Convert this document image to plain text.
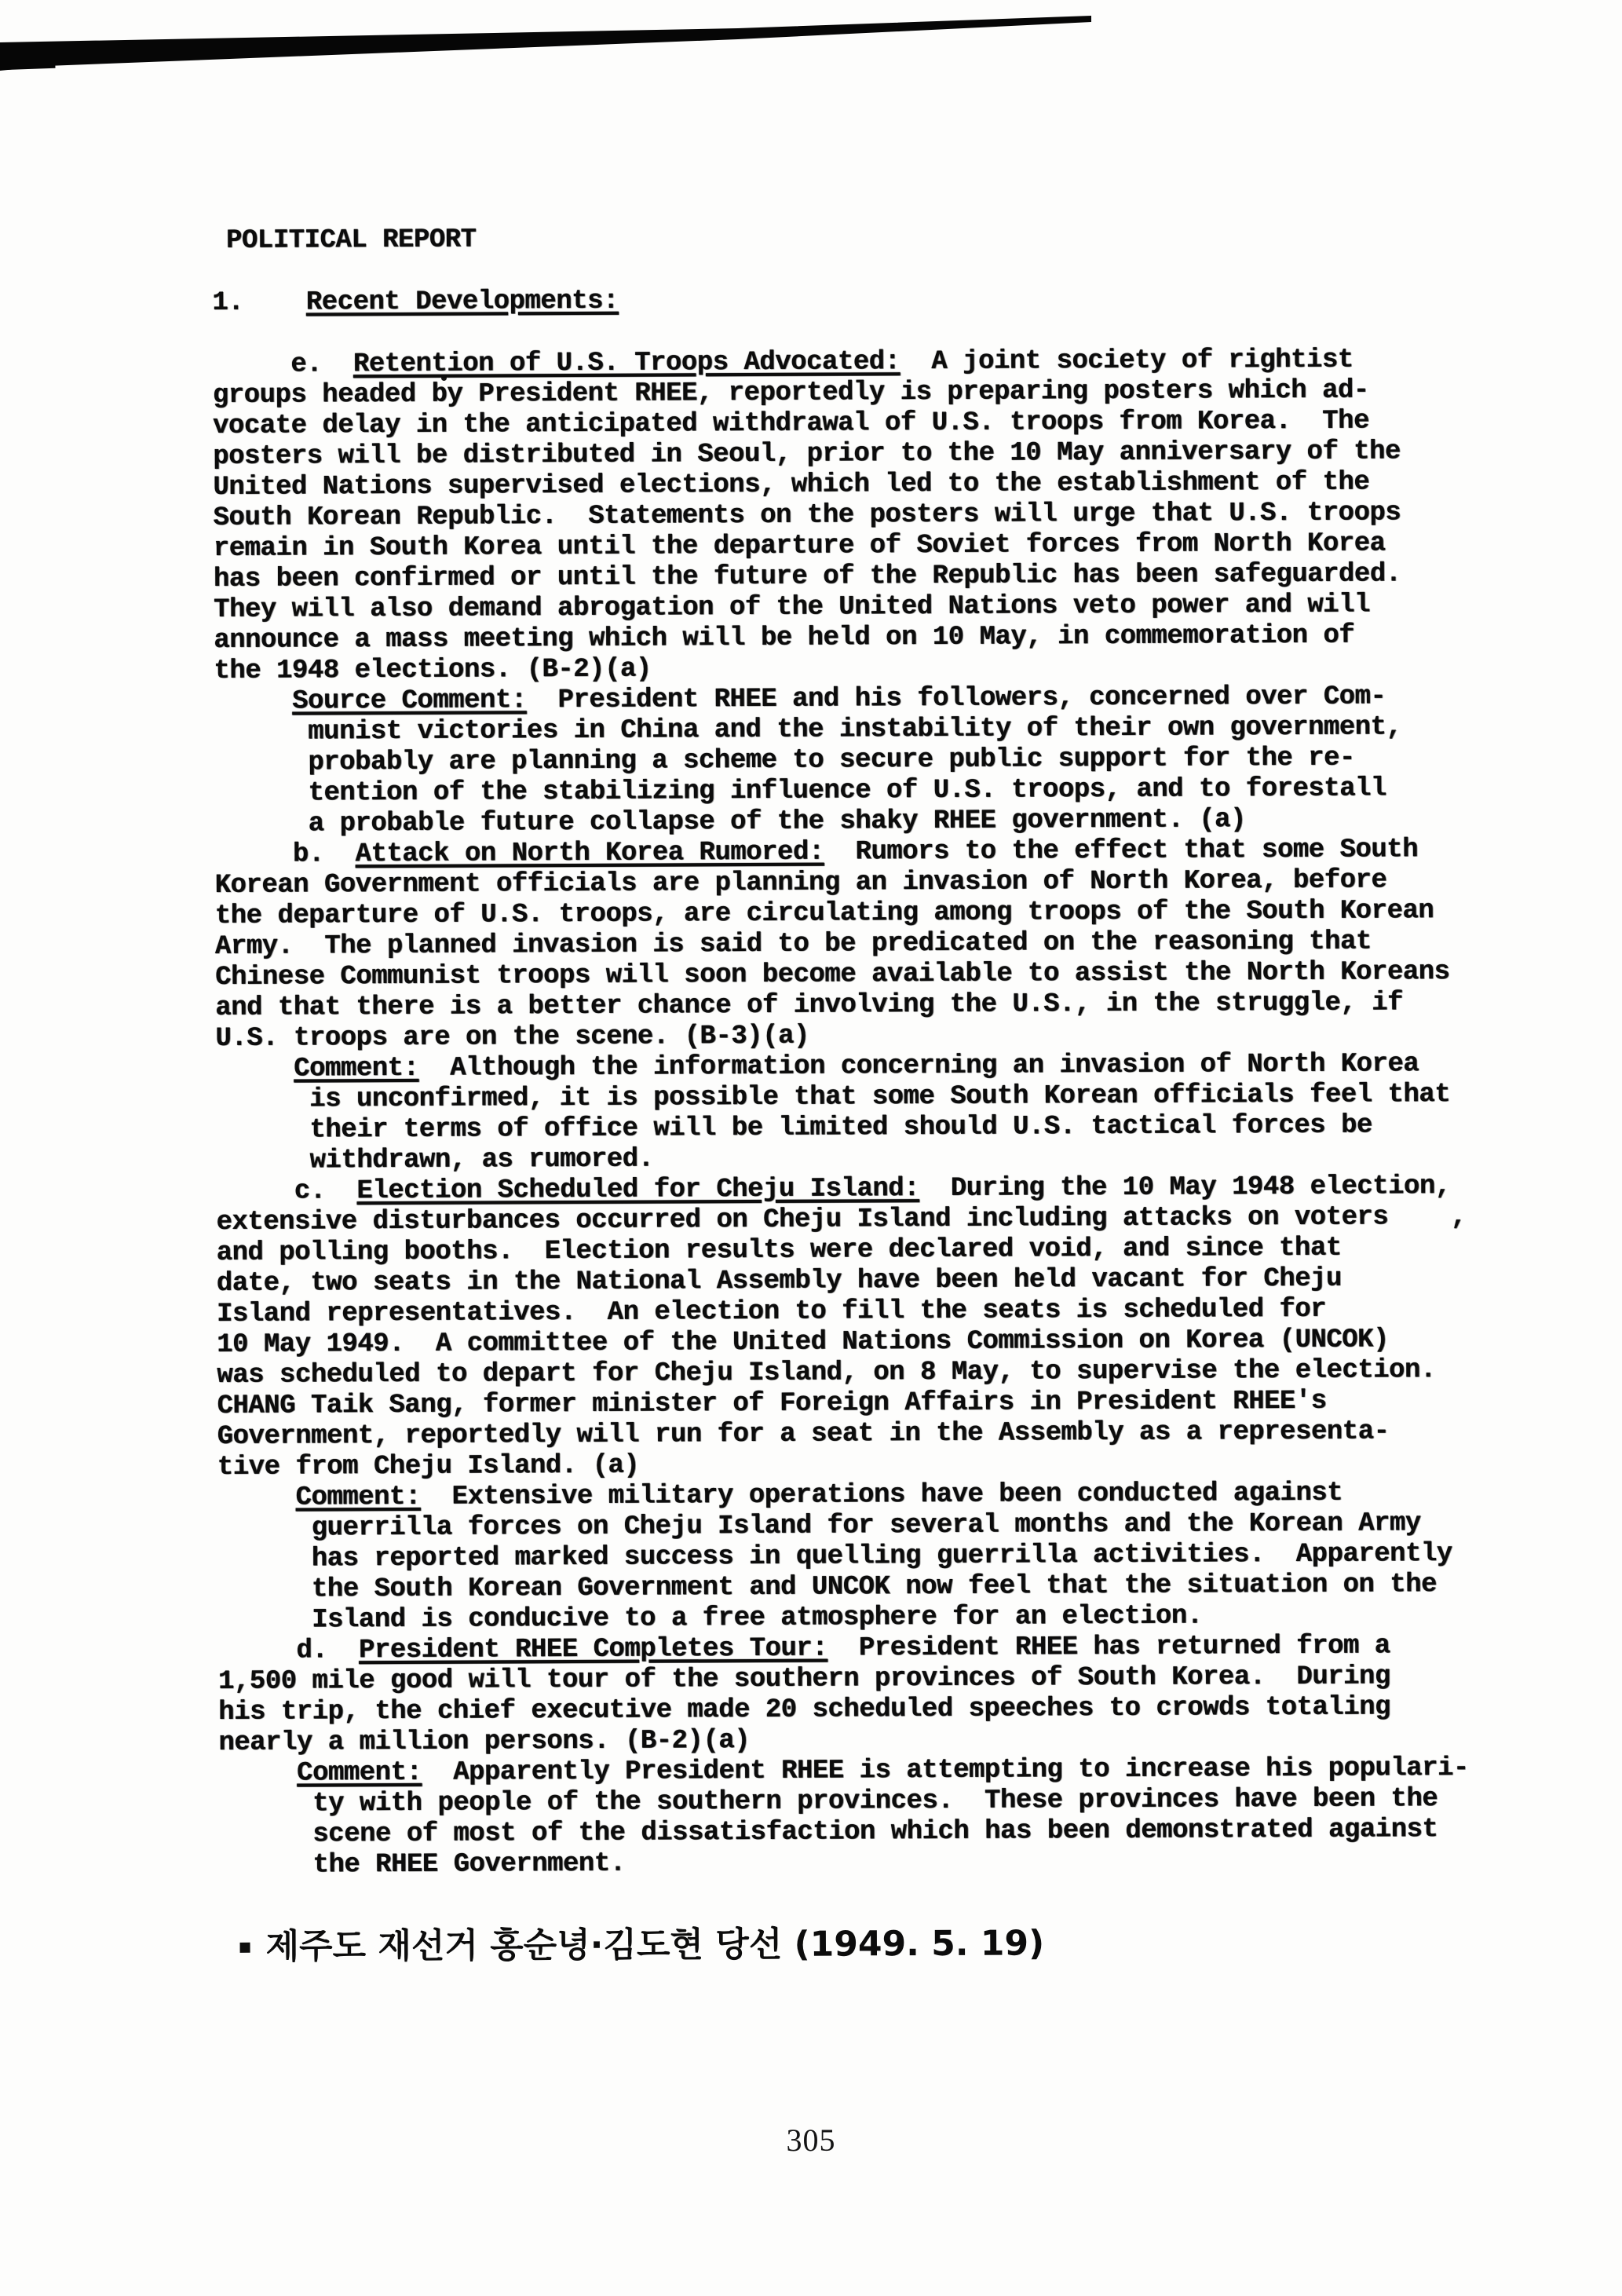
POLITICAL REPORT
1.    Recent Developments:
e.  Retention of U.S. Troops Advocated:  A joint society of rightist
groups headed by President RHEE, reportedly is preparing posters which ad-
vocate delay in the anticipated withdrawal of U.S. troops from Korea.  The
posters will be distributed in Seoul, prior to the 10 May anniversary of the
United Nations supervised elections, which led to the establishment of the
South Korean Republic.  Statements on the posters will urge that U.S. troops
remain in South Korea until the departure of Soviet forces from North Korea
has been confirmed or until the future of the Republic has been safeguarded.
They will also demand abrogation of the United Nations veto power and will
announce a mass meeting which will be held on 10 May, in commemoration of
the 1948 elections. (B-2)(a)
Source Comment:  President RHEE and his followers, concerned over Com-
munist victories in China and the instability of their own government,
probably are planning a scheme to secure public support for the re-
tention of the stabilizing influence of U.S. troops, and to forestall
a probable future collapse of the shaky RHEE government. (a)
b.  Attack on North Korea Rumored:  Rumors to the effect that some South
Korean Government officials are planning an invasion of North Korea, before
the departure of U.S. troops, are circulating among troops of the South Korean
Army.  The planned invasion is said to be predicated on the reasoning that
Chinese Communist troops will soon become available to assist the North Koreans
and that there is a better chance of involving the U.S., in the struggle, if
U.S. troops are on the scene. (B-3)(a)
Comment:  Although the information concerning an invasion of North Korea
is unconfirmed, it is possible that some South Korean officials feel that
their terms of office will be limited should U.S. tactical forces be
withdrawn, as rumored.
c.  Election Scheduled for Cheju Island:  During the 10 May 1948 election,
extensive disturbances occurred on Cheju Island including attacks on voters    ,
and polling booths.  Election results were declared void, and since that
date, two seats in the National Assembly have been held vacant for Cheju
Island representatives.  An election to fill the seats is scheduled for
10 May 1949.  A committee of the United Nations Commission on Korea (UNCOK)
was scheduled to depart for Cheju Island, on 8 May, to supervise the election.
CHANG Taik Sang, former minister of Foreign Affairs in President RHEE's
Government, reportedly will run for a seat in the Assembly as a representa-
tive from Cheju Island. (a)
Comment:  Extensive military operations have been conducted against
guerrilla forces on Cheju Island for several months and the Korean Army
has reported marked success in quelling guerrilla activities.  Apparently
the South Korean Government and UNCOK now feel that the situation on the
Island is conducive to a free atmosphere for an election.
d.  President RHEE Completes Tour:  President RHEE has returned from a
1,500 mile good will tour of the southern provinces of South Korea.  During
his trip, the chief executive made 20 scheduled speeches to crowds totaling
nearly a million persons. (B-2)(a)
Comment:  Apparently President RHEE is attempting to increase his populari-
ty with people of the southern provinces.  These provinces have been the
scene of most of the dissatisfaction which has been demonstrated against
the RHEE Government.
제주도 재선거 홍순녕·김도현 당선 (1949. 5. 19)
305
